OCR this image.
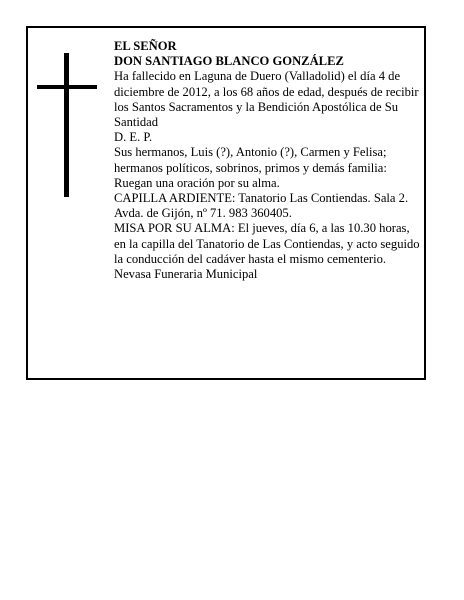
EL SEÑOR

DON SANTIAGO BLANCO GONZÁLEZ

Ha fallecido en Laguna de Duero (Valladolid) el día 4 de diciembre de 2012, a los 68 años de edad, después de recibir los Santos Sacramentos y la Bendición Apostólica de Su Santidad

D. E. P.

Sus hermanos, Luis (?), Antonio (?), Carmen y Felisa; hermanos políticos, sobrinos, primos y demás familia: Ruegan una oración por su alma.

CAPILLA ARDIENTE: Tanatorio Las Contiendas. Sala 2. Avda. de Gijón, nº 71. 983 360405.

MISA POR SU ALMA: El jueves, día 6, a las 10.30 horas, en la capilla del Tanatorio de Las Contiendas, y acto seguido la conducción del cadáver hasta el mismo cementerio.

Nevasa Funeraria Municipal
